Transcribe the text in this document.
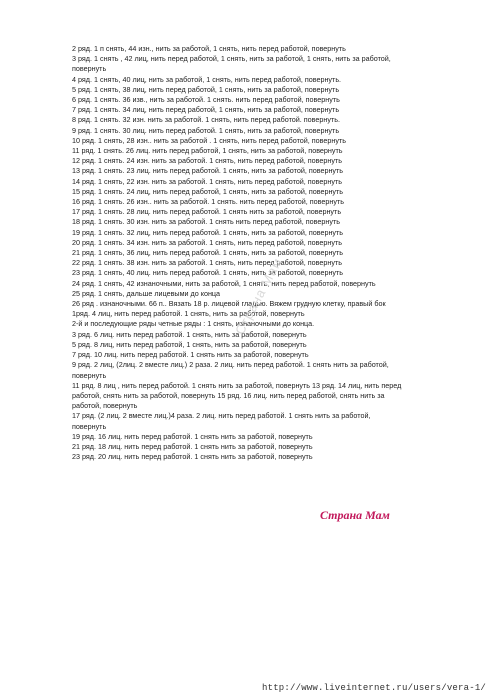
2 ряд. 1 п снять, 44 изн., нить за работой, 1 снять, нить перед работой, повернуть

3 ряд. 1 снять , 42 лиц, нить перед работой, 1 снять, нить за работой, 1 снять, нить за работой, повернуть

4 ряд. 1 снять, 40 лиц, нить за работой, 1 снять, нить перед работой, повернуть.

5 ряд. 1 снять, 38 лиц, нить перед работой, 1 снять, нить за работой, повернуть

6 ряд. 1 снять. 36 изв., нить за работой. 1 снять. нить перед работой, повернуть

7 ряд. 1 снять. 34 лиц, нить перед работой, 1 снять, нить за работой, повернуть

8 ряд. 1 снять. 32 изн. нить за работой. 1 снять, нить перед работой. повернуть.

9 ряд. 1 снять. 30 лиц. нить перед работой. 1 снять, нить за работой, повернуть

10 ряд. 1 снять, 28 изн.. нить за работой . 1 снять, нить перед работой, повернуть

11 ряд. 1 снять. 26 лиц. нить перед работой, 1 снять, нить за работой, повернуть

12 ряд. 1 снять. 24 изн. нить за работой. 1 снять, нить перед работой, повернуть

13 ряд. 1 снять. 23 лиц. нить перед работой. 1 снять, нить за работой, повернуть

14 ряд. 1 снять, 22 изн. нить за работой. 1 снять, нить перед работой, повернуть

15 ряд. 1 снять. 24 лиц, нить перед работой, 1 снять, нить за работой, повернуть

16 ряд. 1 снять. 26 изн.. нить за работой. 1 снять. нить перед работой, повернуть

17 ряд. 1 снять. 28 лиц. нить перед работой. 1 снять нить за работой, повернуть

18 ряд. 1 снять. 30 изн. нить за работой. 1 снять нить перед работой, повернуть

19 ряд. 1 снять. 32 лиц, нить перед работой. 1 снять, нить за работой, повернуть

20 ряд. 1 снять. 34 изн. нить за работой. 1 снять, нить перед работой, повернуть

21 ряд. 1 снять, 36 лиц, нить перед работой. 1 снять, нить за работой, повернуть

22 ряд. 1 снять. 38 изн. нить за работой. 1 снять, нить перед работой, повернуть

23 ряд. 1 снять, 40 лиц. нить перед работой. 1 снять, нить за работой, повернуть

24 ряд. 1 снять, 42 изнаночными, нить за работой, 1 снять, нить перед работой, повернуть

25 ряд. 1 снять, дальше лицевыми до конца

26 ряд . изнаночными. 66 п.. Вязать 18 р. лицевой гладью. Вяжем грудную клетку, правый бок

1ряд. 4 лиц, нить перед работой. 1 снять, нить за работой, повернуть

2-й и последующие ряды четные ряды : 1 снять, изнаночными до конца.

3 ряд. 6 лиц. нить перед работой. 1 снять, нить за работой, повернуть

5 ряд. 8 лиц, нить перед работой, 1 снять, нить за работой, повернуть

7 ряд. 10 лиц. нить перед работой. 1 снять нить за работой, повернуть

9 ряд. 2 лиц, (2лиц. 2 вместе лиц.) 2 раза. 2 лиц. нить перед работой. 1 снять нить за работой,

повернуть

11 ряд. 8 лиц , нить перед работой. 1 снять нить за работой, повернуть 13 ряд. 14 лиц, нить перед работой, снять нить за работой, повернуть 15 ряд. 16 лиц. нить перед работой, снять нить за работой, повернуть

17 ряд. (2 лиц. 2 вместе лиц.)4 раза. 2 лиц. нить перед работой. 1 снять нить за работой, повернуть

19 ряд. 16 лиц. нить перед работой. 1 снять нить за работой, повернуть

21 ряд. 18 лиц. нить перед работой. 1 снять нить за работой, повернуть

23 ряд. 20 лиц. нить перед работой. 1 снять нить за работой, повернуть

Страна Мам
Страна Мам
http://www.liveinternet.ru/users/vera-1/
